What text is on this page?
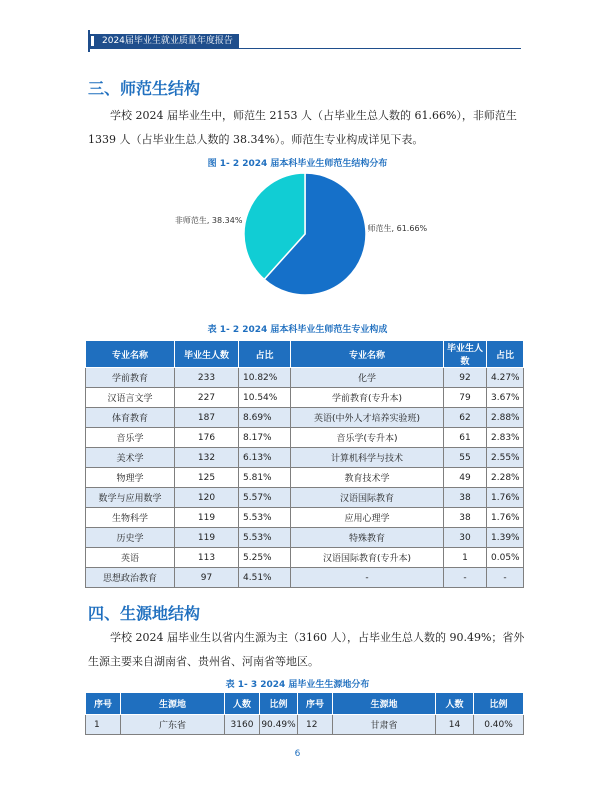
2024届毕业生就业质量年度报告
三、师范生结构

学校 2024 届毕业生中，师范生 2153 人（占毕业生总人数的 61.66%），非师范生 1339 人（占毕业生总人数的 38.34%）。师范生专业构成详见下表。

图 1- 2 2024 届本科毕业生师范生结构分布
师范生, 61.66%
非师范生, 38.34%
表 1- 2 2024 届本科毕业生师范生专业构成
专业名称	毕业生人数	占比	专业名称	毕业生人数	占比
学前教育	233	10.82%	化学	92	4.27%
汉语言文学	227	10.54%	学前教育(专升本)	79	3.67%
体育教育	187	8.69%	英语(中外人才培养实验班)	62	2.88%
音乐学	176	8.17%	音乐学(专升本)	61	2.83%
美术学	132	6.13%	计算机科学与技术	55	2.55%
物理学	125	5.81%	教育技术学	49	2.28%
数学与应用数学	120	5.57%	汉语国际教育	38	1.76%
生物科学	119	5.53%	应用心理学	38	1.76%
历史学	119	5.53%	特殊教育	30	1.39%
英语	113	5.25%	汉语国际教育(专升本)	1	0.05%
思想政治教育	97	4.51%	-	-	-
四、生源地结构

学校 2024 届毕业生以省内生源为主（3160 人），占毕业生总人数的 90.49%；省外生源主要来自湖南省、贵州省、河南省等地区。

表 1- 3 2024 届毕业生生源地分布
序号	生源地	人数	比例	序号	生源地	人数	比例
1	广东省	3160	90.49%	12	甘肃省	14	0.40%
6
